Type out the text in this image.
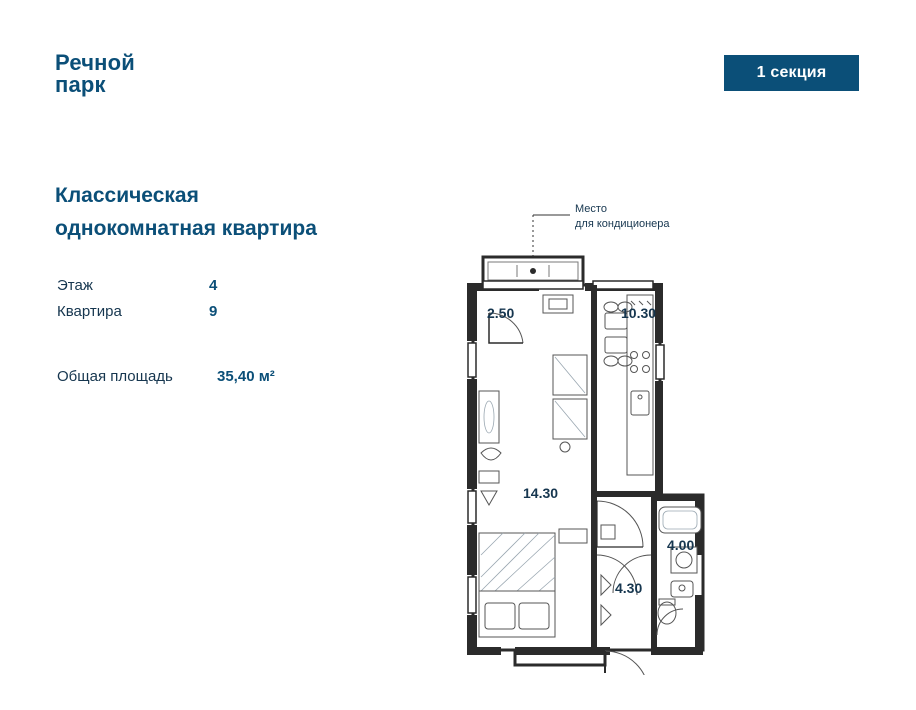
Речной
парк	1 секция
Классическая
однокомнатная квартира
Этаж	4
Квартира	9
Общая площадь	35,40 м²
Место
для кондиционера
2.50	10.30
14.30
4.00
4.30
